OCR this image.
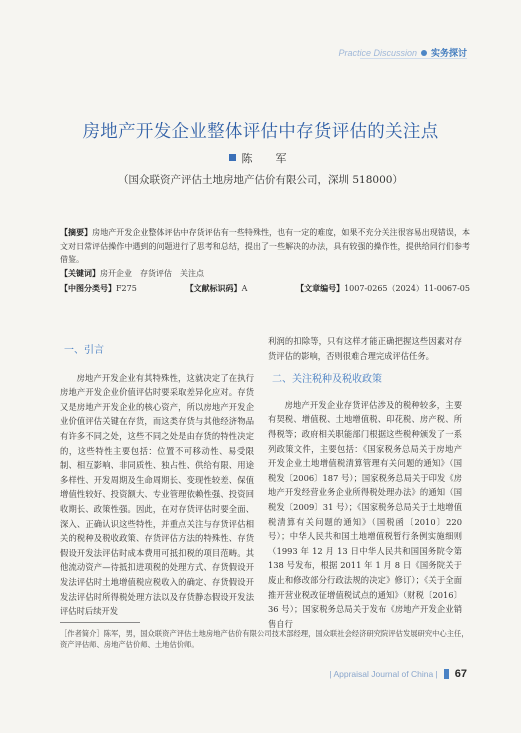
Practice Discussion 实务探讨
房地产开发企业整体评估中存货评估的关注点
陈　军
（国众联资产评估土地房地产估价有限公司，深圳 518000）

【摘要】房地产开发企业整体评估中存货评估有一些特殊性，也有一定的难度，如果不充分关注很容易出现错误，本文对日常评估操作中遇到的问题进行了思考和总结，提出了一些解决的办法，具有较强的操作性，提供给同行们参考借鉴。

【关键词】房开企业　存货评估　关注点

【中图分类号】F275	【文献标识码】A	【文章编号】1007-0265（2024）11-0067-05
一、引言

房地产开发企业有其特殊性，这就决定了在执行房地产开发企业价值评估时要采取差异化应对。存货又是房地产开发企业的核心资产，所以房地产开发企业价值评估关键在存货，而这类存货与其他经济物品有许多不同之处，这些不同之处是由存货的特性决定的，这些特性主要包括：位置不可移动性、易受限制、相互影响、非同质性、独占性、供给有限、用途多样性、开发周期及生命周期长、变现性较差、保值增值性较好、投资额大、专业管理依赖性强、投资回收期长、政策性强。因此，在对存货评估时要全面、深入、正确认识这些特性，并重点关注与存货评估相关的税种及税收政策、存货评估方法的特殊性、存货假设开发法评估时成本费用可抵扣税的项目范畴。其他流动资产—待抵扣进项税的处理方式、存货假设开发法评估时土地增值税应税收入的确定、存货假设开发法评估时所得税处理方法以及存货静态假设开发法评估时后续开发

利润的扣除等，只有这样才能正确把握这些因素对存货评估的影响，否则很难合理完成评估任务。

二、关注税种及税收政策

房地产开发企业存货评估涉及的税种较多，主要有契税、增值税、土地增值税、印花税、房产税、所得税等；政府相关职能部门根据这些税种颁发了一系列政策文件，主要包括：《国家税务总局关于房地产开发企业土地增值税清算管理有关问题的通知》（国税发〔2006〕187 号）；国家税务总局关于印发《房地产开发经营业务企业所得税处理办法》的通知（国税发〔2009〕31 号）；《国家税务总局关于土地增值税清算有关问题的通知》（国税函〔2010〕220 号）；中华人民共和国土地增值税暂行条例实施细则（1993 年 12 月 13 日中华人民共和国国务院令第 138 号发布，根据 2011 年 1 月 8 日《国务院关于废止和修改部分行政法规的决定》修订）；《关于全面推开营业税改征增值税试点的通知》（财税〔2016〕36 号）；国家税务总局关于发布《房地产开发企业销售自行

［作者简介］陈军，男，国众联资产评估土地房地产估价有限公司技术部经理，国众联社会经济研究院评估发展研究中心主任，资产评估师、房地产估价师、土地估价师。
| Appraisal Journal of China | 67
